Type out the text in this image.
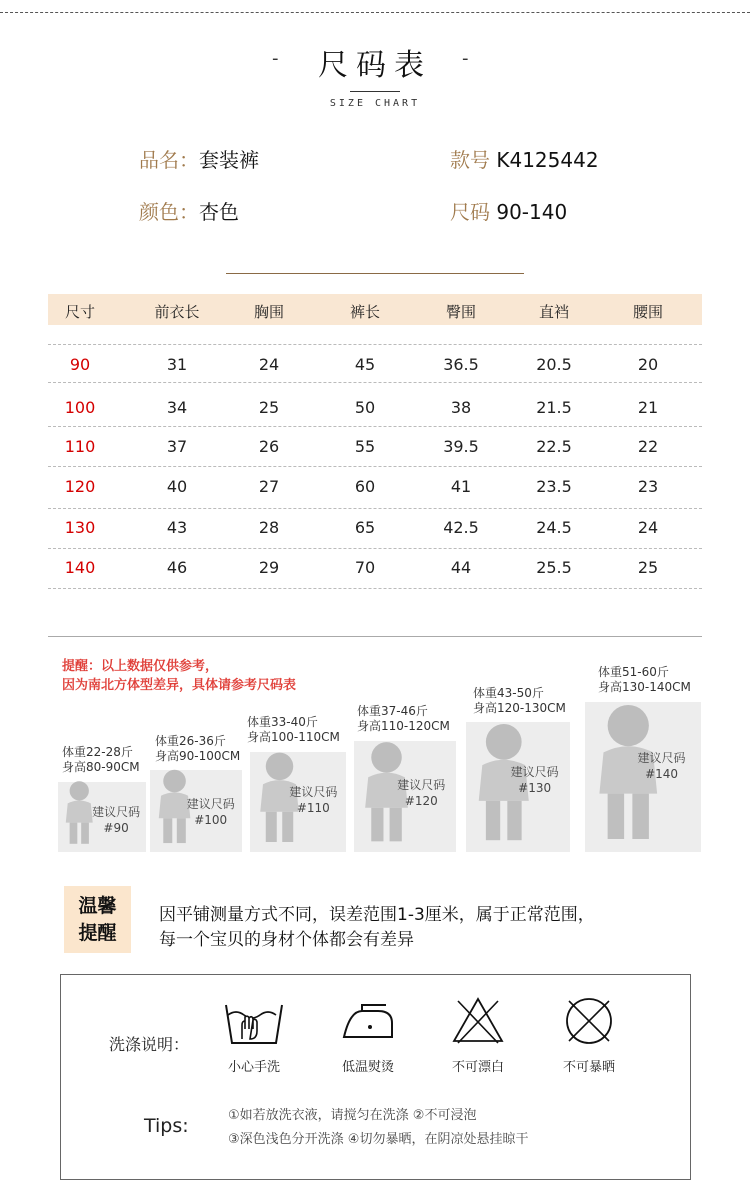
尺码表
-	-
SIZE CHART
品名：套装裤	款号 K4125442
颜色：杏色	尺码 90-140
尺寸	前衣长	胸围	裤长	臀围	直裆	腰围
90	31	24	45	36.5	20.5	20
100	34	25	50	38	21.5	21
110	37	26	55	39.5	22.5	22
120	40	27	60	41	23.5	23
130	43	28	65	42.5	24.5	24
140	46	29	70	44	25.5	25
提醒：以上数据仅供参考，
因为南北方体型差异，具体请参考尺码表
体重22-28斤
身高80-90CM
建议尺码
#90
体重26-36斤
身高90-100CM
建议尺码
#100
体重33-40斤
身高100-110CM
建议尺码
#110
体重37-46斤
身高110-120CM
建议尺码
#120
体重43-50斤
身高120-130CM
建议尺码
#130
体重51-60斤
身高130-140CM
建议尺码
#140
温馨
提醒
因平铺测量方式不同，误差范围1-3厘米，属于正常范围，
每一个宝贝的身材个体都会有差异
洗涤说明：
小心手洗	低温熨烫	不可漂白	不可暴晒
Tips:	①如若放洗衣液，请搅匀在洗涤 ②不可浸泡
③深色浅色分开洗涤 ④切勿暴晒，在阴凉处悬挂晾干
